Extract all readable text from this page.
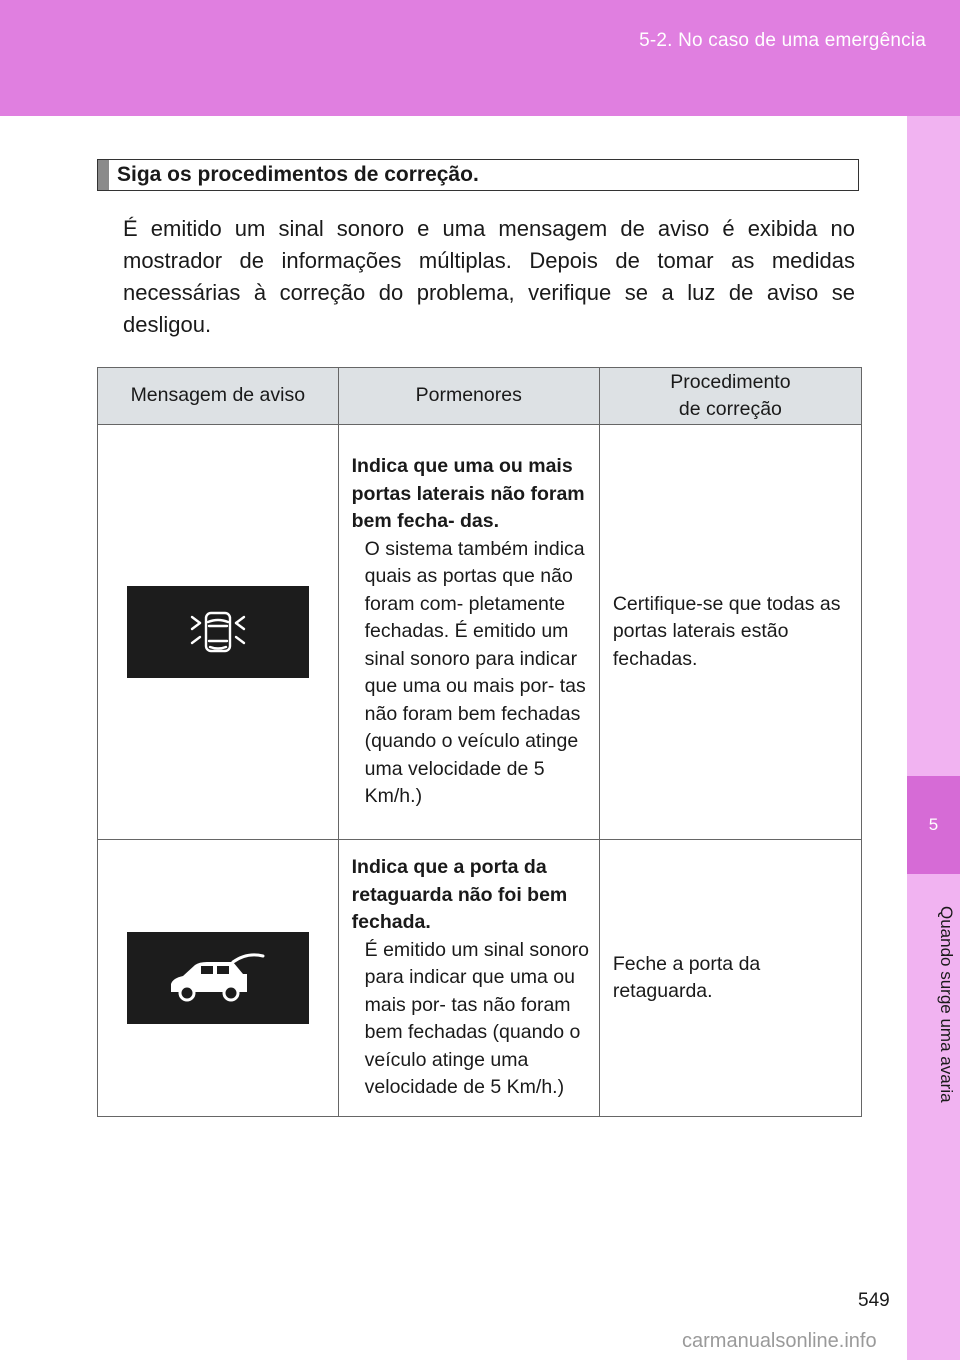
5-2. No caso de uma emergência
5
Quando surge uma avaria
Siga os procedimentos de correção.
É emitido um sinal sonoro e uma mensagem de aviso é exibida no mostrador de informações múltiplas. Depois de tomar as medidas necessárias à correção do problema, verifique se a luz de aviso se desligou.
Mensagem de aviso	Pormenores	Procedimento
de correção

Indica que uma ou mais portas laterais não foram bem fecha- das.
O sistema também indica quais as portas que não foram com- pletamente fechadas. É emitido um sinal sonoro para indicar que uma ou mais por- tas não foram bem fechadas (quando o veículo atinge uma velocidade de 5 Km/h.)	Certifique-se que todas as portas laterais estão fechadas.

Indica que a porta da retaguarda não foi bem fechada.
É emitido um sinal sonoro para indicar que uma ou mais por- tas não foram bem fechadas (quando o veículo atinge uma velocidade de 5 Km/h.)	Feche a porta da retaguarda.
549
carmanualsonline.info
